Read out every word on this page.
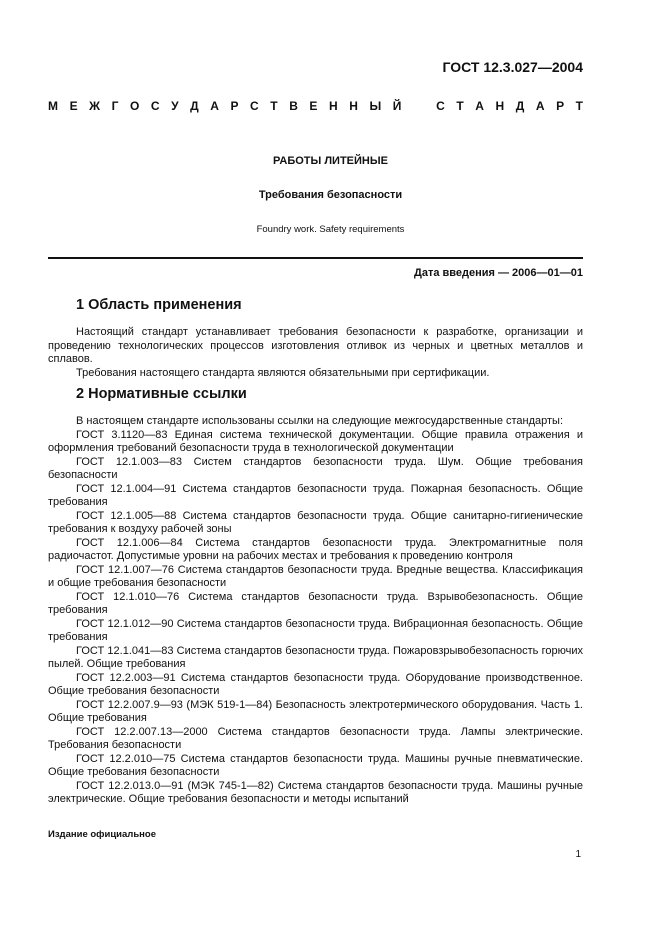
ГОСТ 12.3.027—2004
М Е Ж Г О С У Д А Р С Т В Е Н Н Ы Й	С Т А Н Д А Р Т
РАБОТЫ ЛИТЕЙНЫЕ
Требования безопасности
Foundry work. Safety requirements
Дата введения — 2006—01—01
1 Область применения

Настоящий стандарт устанавливает требования безопасности к разработке, организации и проведению технологических процессов изготовления отливок из черных и цветных металлов и сплавов.

Требования настоящего стандарта являются обязательными при сертификации.

2 Нормативные ссылки

В настоящем стандарте использованы ссылки на следующие межгосударственные стандарты:

ГОСТ 3.1120—83 Единая система технической документации. Общие правила отражения и оформления требований безопасности труда в технологической документации

ГОСТ 12.1.003—83 Систем стандартов безопасности труда. Шум. Общие требования безопасности

ГОСТ 12.1.004—91 Система стандартов безопасности труда. Пожарная безопасность. Общие требования

ГОСТ 12.1.005—88 Система стандартов безопасности труда. Общие санитарно-гигиенические требования к воздуху рабочей зоны

ГОСТ 12.1.006—84 Система стандартов безопасности труда. Электромагнитные поля радиочастот. Допустимые уровни на рабочих местах и требования к проведению контроля

ГОСТ 12.1.007—76 Система стандартов безопасности труда. Вредные вещества. Классификация и общие требования безопасности

ГОСТ 12.1.010—76 Система стандартов безопасности труда. Взрывобезопасность. Общие требования

ГОСТ 12.1.012—90 Система стандартов безопасности труда. Вибрационная безопасность. Общие требования

ГОСТ 12.1.041—83 Система стандартов безопасности труда. Пожаровзрывобезопасность горючих пылей. Общие требования

ГОСТ 12.2.003—91 Система стандартов безопасности труда. Оборудование производственное. Общие требования безопасности

ГОСТ 12.2.007.9—93 (МЭК 519-1—84) Безопасность электротермического оборудования. Часть 1. Общие требования

ГОСТ 12.2.007.13—2000 Система стандартов безопасности труда. Лампы электрические. Требования безопасности

ГОСТ 12.2.010—75 Система стандартов безопасности труда. Машины ручные пневматические. Общие требования безопасности

ГОСТ 12.2.013.0—91 (МЭК 745-1—82) Система стандартов безопасности труда. Машины ручные электрические. Общие требования безопасности и методы испытаний

Издание официальное
1
